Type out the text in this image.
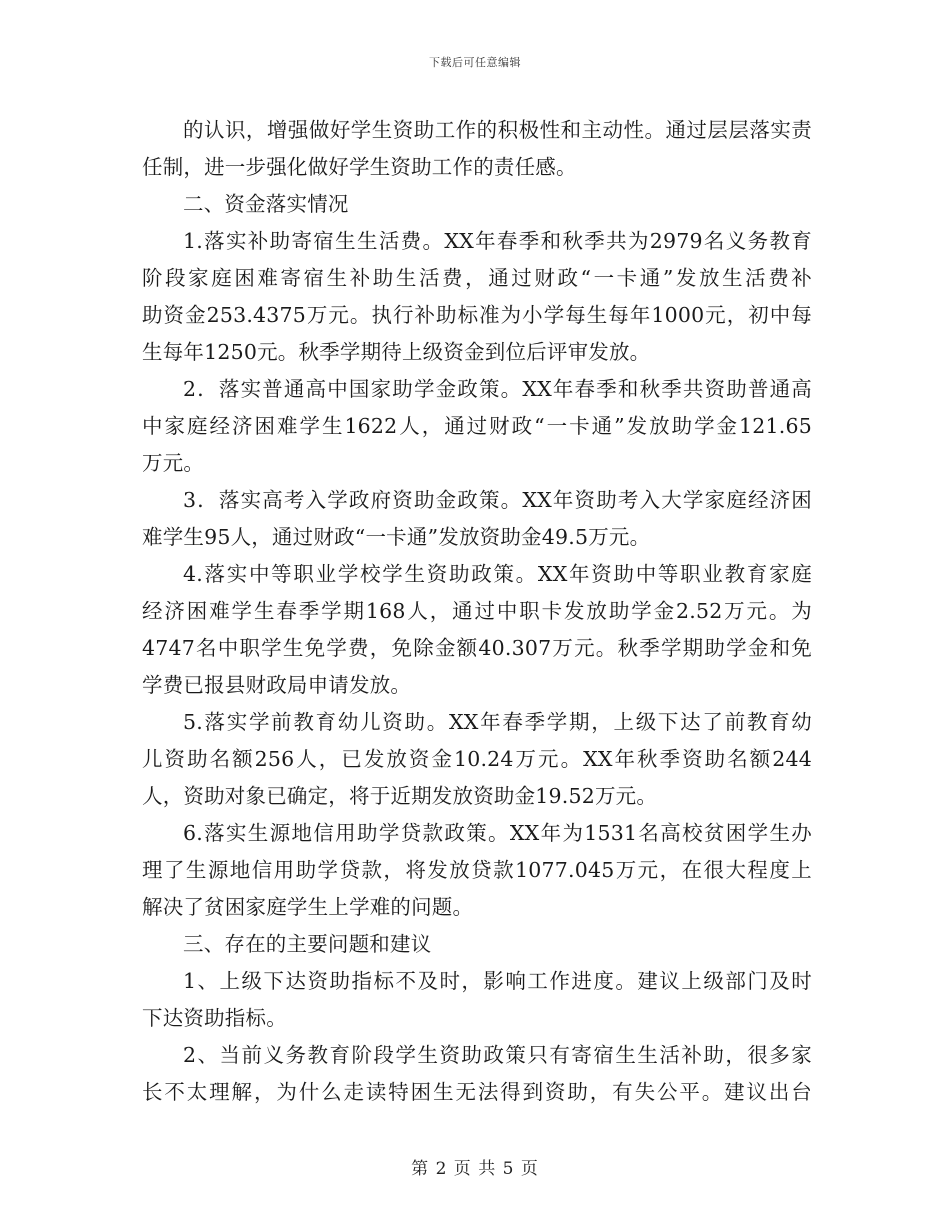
下载后可任意编辑
的认识，增强做好学生资助工作的积极性和主动性。通过层层落实责
任制，进一步强化做好学生资助工作的责任感。
二、资金落实情况
1.落实补助寄宿生生活费。XX年春季和秋季共为2979名义务教育
阶段家庭困难寄宿生补助生活费，通过财政“一卡通”发放生活费补
助资金253.4375万元。执行补助标准为小学每生每年1000元，初中每
生每年1250元。秋季学期待上级资金到位后评审发放。
2．落实普通高中国家助学金政策。XX年春季和秋季共资助普通高
中家庭经济困难学生1622人，通过财政“一卡通”发放助学金121.65
万元。
3．落实高考入学政府资助金政策。XX年资助考入大学家庭经济困
难学生95人，通过财政“一卡通”发放资助金49.5万元。
4.落实中等职业学校学生资助政策。XX年资助中等职业教育家庭
经济困难学生春季学期168人，通过中职卡发放助学金2.52万元。为
4747名中职学生免学费，免除金额40.307万元。秋季学期助学金和免
学费已报县财政局申请发放。
5.落实学前教育幼儿资助。XX年春季学期，上级下达了前教育幼
儿资助名额256人，已发放资金10.24万元。XX年秋季资助名额244
人，资助对象已确定，将于近期发放资助金19.52万元。
6.落实生源地信用助学贷款政策。XX年为1531名高校贫困学生办
理了生源地信用助学贷款，将发放贷款1077.045万元，在很大程度上
解决了贫困家庭学生上学难的问题。
三、存在的主要问题和建议
1、上级下达资助指标不及时，影响工作进度。建议上级部门及时
下达资助指标。
2、当前义务教育阶段学生资助政策只有寄宿生生活补助，很多家
长不太理解，为什么走读特困生无法得到资助，有失公平。建议出台
第 2 页 共 5 页
